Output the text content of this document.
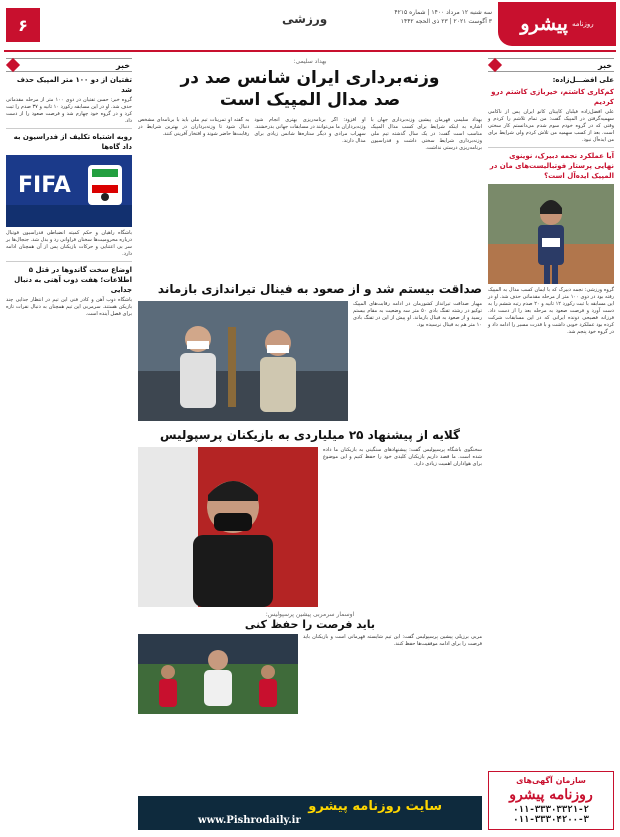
۶	ورزشی	سه شنبه ۱۲ مرداد ۱۴۰۰ | شماره ۴۲۱۵
۳ آگوست ۲۰۲۱ | ۲۳ ذی الحجه ۱۴۴۲	روزنامه
پیشرو
خبر
علی افضـــل‌زاده:
کم‌کاری کاشتم، خیر‌بازی کاشتم درو کردیم
علی افضل‌زاده فیلبان کاپیتان کانو ایران پس از ناکامی سهمیه‌گرفتن در المپیک گفت: من تمام تلاشم را کردم و وقتی که در گروه خودم سوم شدم می‌دانستم کار سختی است. بعد از کسب سهمیه من تلاش کردم ولی شرایط برای من ایده‌آل نبود.
آیا عملکرد نجمه دبیرک، نوینوی نهایی پرستار فوتبالیست‌های مان در المپیک ایده‌آل است؟
گروه ورزشی: نجمه دبیرک که با ایمان کسب مدال به المپیک رفته بود در دوی ۱۰۰ متر از مرحله مقدماتی حذف شد. او در این مسابقه با ثبت رکورد ۱۲ ثانیه و ۲۰ صدم رتبه ششم را به دست آورد و فرصت صعود به مرحله بعد را از دست داد. فرزانه فصیحی دونده ایرانی که در این مسابقات شرکت کرده بود عملکرد خوبی داشت و با قدرت مسیر را ادامه داد و در گروه خود پنجم شد.
سازمان آگهی‌های
روزنامه پیشرو
۰۱۱-۳۳۳۰۳۳۲۱-۲
۰۱۱-۳۳۳۰۴۲۰۰-۳
خبر
تفتیان از دو ۱۰۰ متر المپیک حذف شد
گروه خبر: حسن تفتیان در دوی ۱۰۰ متر از مرحله مقدماتی حذف شد. او در این مسابقه رکورد ۱۰ ثانیه و ۳۷ صدم را ثبت کرد و در گروه خود چهارم شد و فرصت صعود را از دست داد.
روبه اشتباه تکلیف از فدراسیون به داد گاه‌ها
FIFA
باشگاه راهیان و حکم کمیته انضباطی فدراسیون فوتبال درباره محرومیت‌ها سخنان فراوانی رد و بدل شد. جنجال‌ها بر سر بی اعتنایی و حرکات بازیکنان پس از آن همچنان ادامه دارد.
اوضاع سخت گاندوها در قتل ۵ اطلاعات؛ هفت ذوب آهنی به دنبال جدایی
باشگاه ذوب آهن و کادر فنی این تیم در انتظار جدایی چند بازیکن هستند. سرمربی این تیم همچنان به دنبال نفرات تازه برای فصل آینده است.
بهداد سلیمی:
وزنه‌برداری ایران شانس صد در صد مدال المپیک است
بهداد سلیمی قهرمان پیشین وزنه‌برداری جهان با اشاره به اینکه شرایط برای کسب مدال المپیک مناسب است گفت: در یک سال گذشته تیم ملی وزنه‌برداری شرایط سختی داشت و فدراسیون برنامه‌ریزی درستی نداشت.
او افزود: اگر برنامه‌ریزی بهتری انجام شود وزنه‌برداران ما می‌توانند در مسابقات جهانی بدرخشند. سهراب مرادی و دیگر ستاره‌ها شانس زیادی برای مدال دارند.
به گفته او تمرینات تیم ملی باید با برنامه‌ای مشخص دنبال شود تا وزنه‌برداران در بهترین شرایط در رقابت‌ها حاضر شوند و افتخار آفرینی کنند.
صداقت بیستم شد و از صعود به فینال تیراندازی بازماند
مهیار صداقت تیرانداز کشورمان در ادامه رقابت‌های المپیک توکیو در رشته تفنگ بادی ۵۰ متر سه وضعیت به مقام بیستم رسید و از صعود به فینال بازماند. او پیش از این در تفنگ بادی ۱۰ متر هم به فینال نرسیده بود.
گلایه از پیشنهاد ۲۵ میلیاردی به بازیکنان پرسپولیس
سخنگوی باشگاه پرسپولیس گفت: پیشنهادهای سنگینی به بازیکنان ما داده شده است. ما قصد داریم بازیکنان کلیدی خود را حفظ کنیم و این موضوع برای هواداران اهمیت زیادی دارد.
اوسمار سرمربی پیشین پرسپولیس:
باید فرصت را حفظ کنی
مربی برزیلی پیشین پرسپولیس گفت: این تیم شایسته قهرمانی است و بازیکنان باید فرصت را برای ادامه موفقیت‌ها حفظ کنند.
سایت روزنامه پیشرو
www.Pishrodaily.ir
